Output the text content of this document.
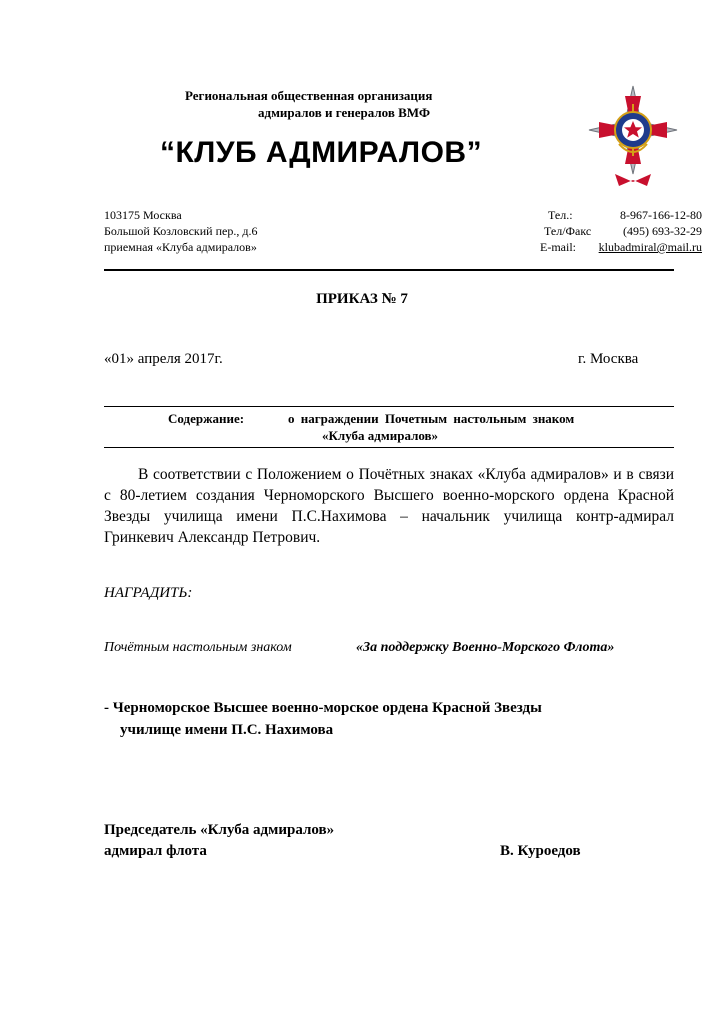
Региональная общественная организация
адмиралов и генералов ВМФ
“КЛУБ АДМИРАЛОВ”
103175 Москва
Большой Козловский пер., д.6
приемная «Клуба адмиралов»
Тел.:	8-967-166-12-80
Тел/Факс	(495) 693-32-29
E-mail: klubadmiral@mail.ru
ПРИКАЗ № 7
«01» апреля 2017г.	г. Москва
Содержание:	о награждении Почетным настольным знаком
«Клуба адмиралов»

В соответствии с Положением о Почётных знаках «Клуба адмиралов» и в связи с 80-летием создания Черноморского Высшего военно-морского ордена Красной Звезды училища имени П.С.Нахимова – начальник училища контр-адмирал Гринкевич Александр Петрович.

НАГРАДИТЬ:
Почётным настольным знаком	«За поддержку Военно-Морского Флота»
- Черноморское Высшее военно-морское ордена Красной Звезды
училище имени П.С. Нахимова
Председатель «Клуба адмиралов»
адмирал флота	В. Куроедов
